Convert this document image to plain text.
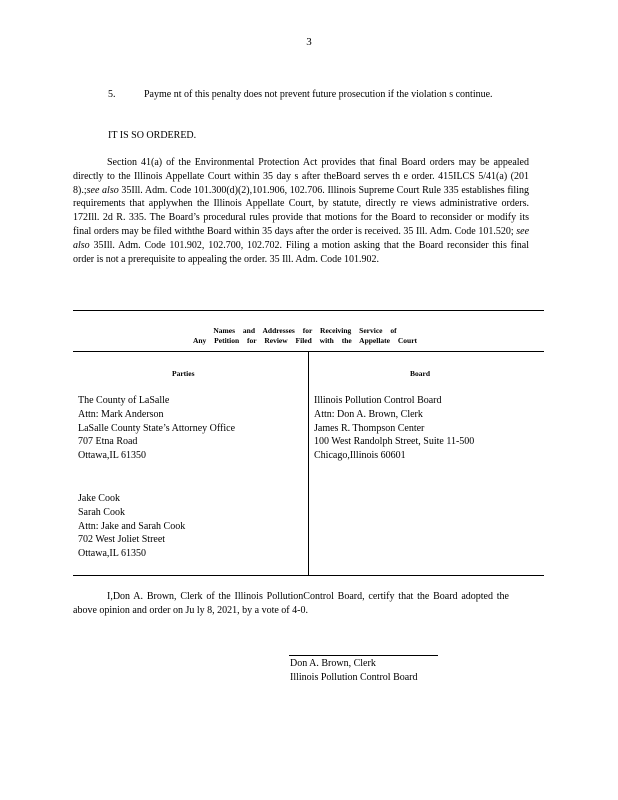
3
5.	Payme nt of this penalty does not prevent future prosecution if the violation s continue.
IT IS SO ORDERED.
Section 41(a) of the Environmental Protection Act provides that final Board orders may be appealed directly to the Illinois Appellate Court within 35 day s after theBoard serves th e order. 415ILCS 5/41(a) (201 8).;see also 35Ill. Adm. Code 101.300(d)(2),101.906, 102.706. Illinois Supreme Court Rule 335 establishes filing requirements that applywhen the Illinois Appellate Court, by statute, directly re views administrative orders. 172Ill. 2d R. 335. The Board’s procedural rules provide that motions for the Board to reconsider or modify its final orders may be filed withthe Board within 35 days after the order is received. 35 Ill. Adm. Code 101.520; see also 35Ill. Adm. Code 101.902, 102.700, 102.702. Filing a motion asking that the Board reconsider this final order is not a prerequisite to appealing the order. 35 Ill. Adm. Code 101.902.
Names and Addresses for Receiving Service of
Any Petition for Review Filed with the Appellate Court
Parties	Board
The County of LaSalle
Attn: Mark Anderson
LaSalle County State’s Attorney Office
707 Etna Road
Ottawa,IL 61350
Jake Cook
Sarah Cook
Attn: Jake and Sarah Cook
702 West Joliet Street
Ottawa,IL 61350
Illinois Pollution Control Board
Attn: Don A. Brown, Clerk
James R. Thompson Center
100 West Randolph Street, Suite 11-500
Chicago,Illinois 60601
I,Don A. Brown, Clerk of the Illinois PollutionControl Board, certify that the Board adopted the above opinion and order on Ju ly 8, 2021, by a vote of 4-0.
Don A. Brown, Clerk
Illinois Pollution Control Board
